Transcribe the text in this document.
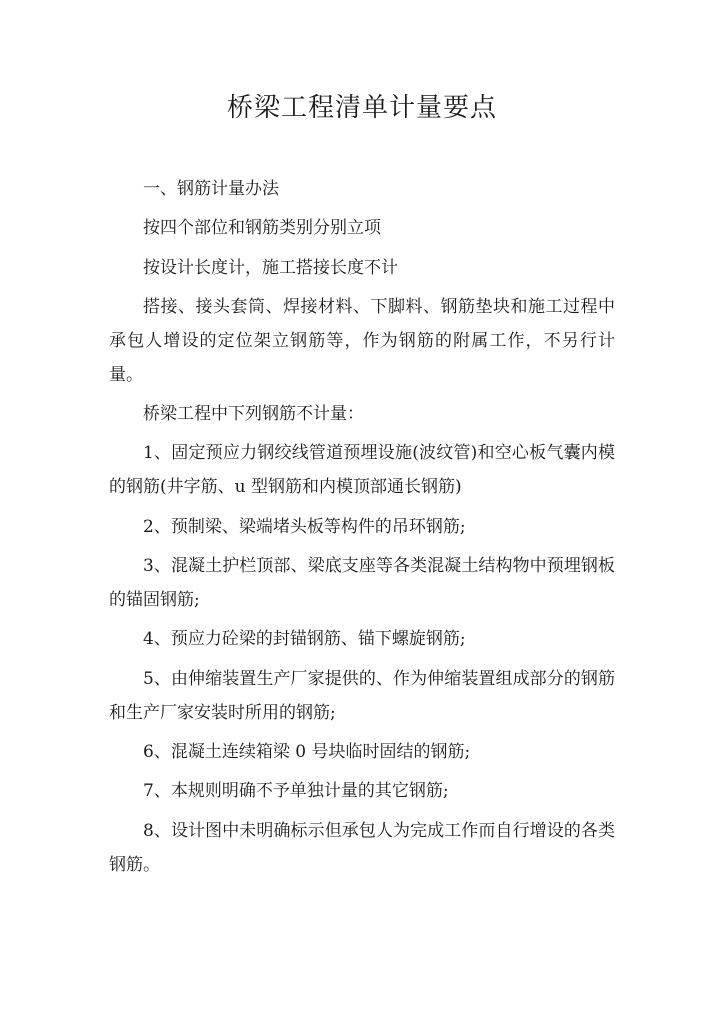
桥梁工程清单计量要点

一、钢筋计量办法

按四个部位和钢筋类别分别立项

按设计长度计，施工搭接长度不计

搭接、接头套筒、焊接材料、下脚料、钢筋垫块和施工过程中承包人增设的定位架立钢筋等，作为钢筋的附属工作，不另行计量。

桥梁工程中下列钢筋不计量：

1、固定预应力钢绞线管道预埋设施(波纹管)和空心板气囊内模的钢筋(井字筋、u 型钢筋和内模顶部通长钢筋)

2、预制梁、梁端堵头板等构件的吊环钢筋;

3、混凝土护栏顶部、梁底支座等各类混凝土结构物中预埋钢板的锚固钢筋;

4、预应力砼梁的封锚钢筋、锚下螺旋钢筋;

5、由伸缩装置生产厂家提供的、作为伸缩装置组成部分的钢筋和生产厂家安装时所用的钢筋;

6、混凝土连续箱梁 0 号块临时固结的钢筋;

7、本规则明确不予单独计量的其它钢筋;

8、设计图中未明确标示但承包人为完成工作而自行增设的各类钢筋。
